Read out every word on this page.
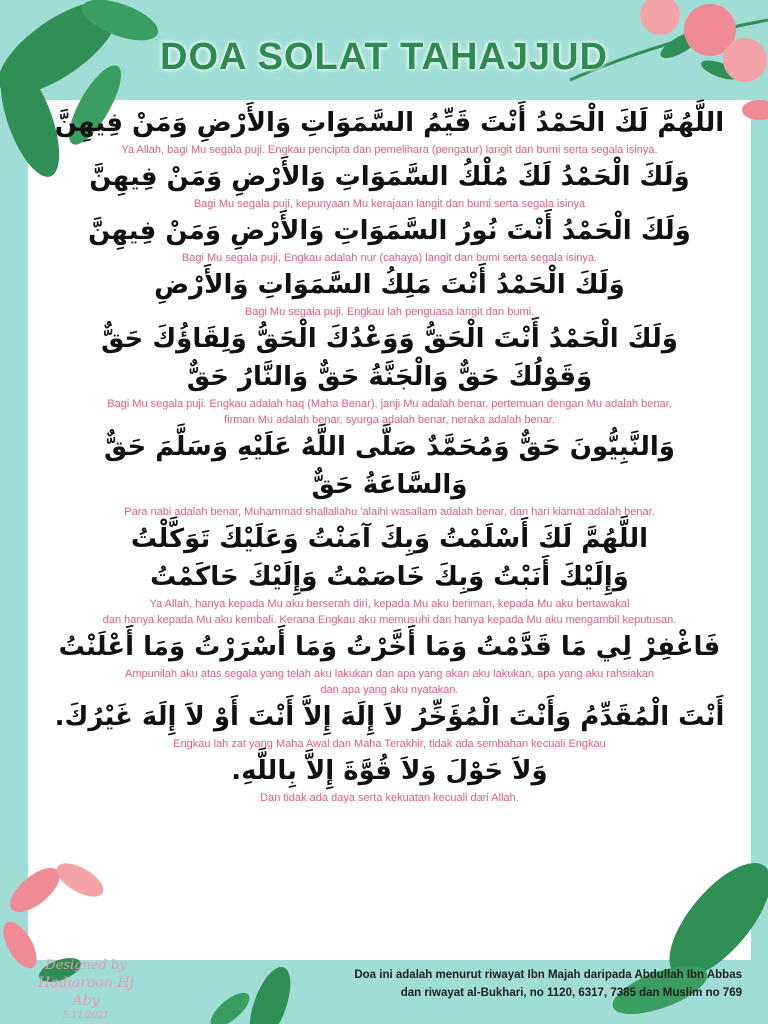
DOA SOLAT TAHAJJUD
اللَّهُمَّ لَكَ الْحَمْدُ أَنْتَ قَيِّمُ السَّمَوَاتِ وَالأَرْضِ وَمَنْ فِيهِنَّ
Ya Allah, bagi Mu segala puji. Engkau pencipta dan pemelihara (pengatur) langit dan bumi serta segala isinya.
وَلَكَ الْحَمْدُ لَكَ مُلْكُ السَّمَوَاتِ وَالأَرْضِ وَمَنْ فِيهِنَّ
Bagi Mu segala puji, kepunyaan Mu kerajaan langit dan bumi serta segala isinya
وَلَكَ الْحَمْدُ أَنْتَ نُورُ السَّمَوَاتِ وَالأَرْضِ وَمَنْ فِيهِنَّ
Bagi Mu segala puji, Engkau adalah nur (cahaya) langit dan bumi serta segala isinya.
وَلَكَ الْحَمْدُ أَنْتَ مَلِكُ السَّمَوَاتِ وَالأَرْضِ
Bagi Mu segala puji. Engkau lah penguasa langit dan bumi.
وَلَكَ الْحَمْدُ أَنْتَ الْحَقُّ وَوَعْدُكَ الْحَقُّ وَلِقَاؤُكَ حَقٌّ
وَقَوْلُكَ حَقٌّ وَالْجَنَّةُ حَقٌّ وَالنَّارُ حَقٌّ
Bagi Mu segala puji. Engkau adalah haq (Maha Benar), janji Mu adalah benar, pertemuan dengan Mu adalah benar,
firman Mu adalah benar, syurga adalah benar, neraka adalah benar.
وَالنَّبِيُّونَ حَقٌّ وَمُحَمَّدٌ صَلَّى اللَّهُ عَلَيْهِ وَسَلَّمَ حَقٌّ
وَالسَّاعَةُ حَقٌّ
Para nabi adalah benar, Muhammad shallallahu 'alaihi wasallam adalah benar, dan hari kiamat adalah benar.
اللَّهُمَّ لَكَ أَسْلَمْتُ وَبِكَ آمَنْتُ وَعَلَيْكَ تَوَكَّلْتُ
وَإِلَيْكَ أَنَبْتُ وَبِكَ خَاصَمْتُ وَإِلَيْكَ حَاكَمْتُ
Ya Allah, hanya kepada Mu aku berserah diri, kepada Mu aku beriman, kepada Mu aku bertawakal
dan hanya kepada Mu aku kembali. Kerana Engkau aku memusuhi dan hanya kepada Mu aku mengambil keputusan.
فَاغْفِرْ لِي مَا قَدَّمْتُ وَمَا أَخَّرْتُ وَمَا أَسْرَرْتُ وَمَا أَعْلَنْتُ
Ampunilah aku atas segala yang telah aku lakukan dan apa yang akan aku lakukan, apa yang aku rahsiakan
dan apa yang aku nyatakan.
أَنْتَ الْمُقَدِّمُ وَأَنْتَ الْمُؤَخِّرُ لاَ إِلَهَ إِلاَّ أَنْتَ أَوْ لاَ إِلَهَ غَيْرُكَ.
Engkau lah zat yang Maha Awal dan Maha Terakhir, tidak ada sembahan kecuali Engkau
وَلاَ حَوْلَ وَلاَ قُوَّةَ إِلاَّ بِاللَّهِ.
Dan tidak ada daya serta kekuatan kecuali dari Allah.
Designed by
Hadiaroon Hj Aby
5.11.2021
Doa ini adalah menurut riwayat Ibn Majah daripada Abdullah Ibn Abbas
dan riwayat al-Bukhari, no 1120, 6317, 7385 dan Muslim no 769
